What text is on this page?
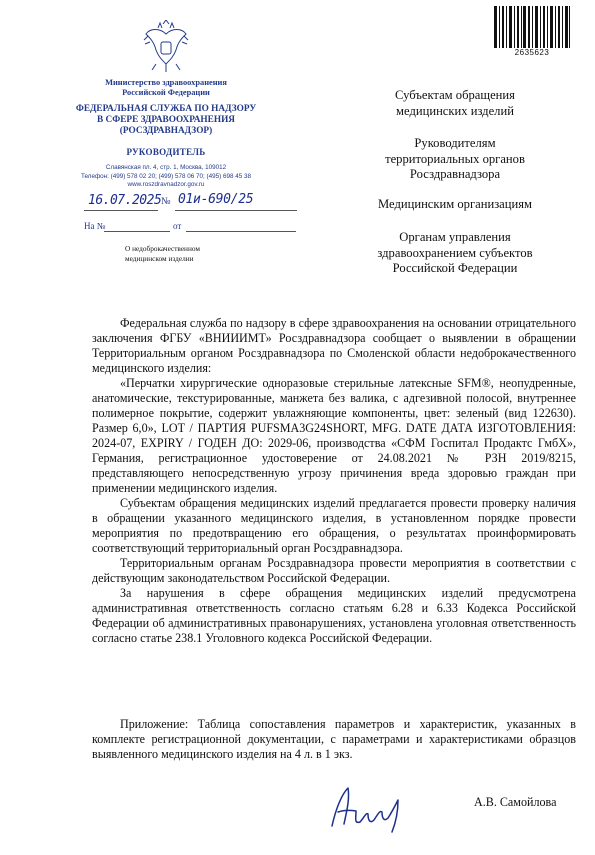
2635623
Министерство здравоохранения
Российской Федерации
ФЕДЕРАЛЬНАЯ СЛУЖБА ПО НАДЗОРУ
В СФЕРЕ ЗДРАВООХРАНЕНИЯ
(РОСЗДРАВНАДЗОР)
РУКОВОДИТЕЛЬ
Славянская пл. 4, стр. 1, Москва, 109012
Телефон: (499) 578 02 20; (499) 578 06 70; (495) 698 45 38
www.roszdravnadzor.gov.ru
16.07.2025 № 01и-690/25
На №	от
О недоброкачественном
медицинском изделии
Субъектам обращения
медицинских изделий
Руководителям
территориальных органов
Росздравнадзора
Медицинским организациям
Органам управления
здравоохранением субъектов
Российской Федерации

Федеральная служба по надзору в сфере здравоохранения на основании отрицательного заключения ФГБУ «ВНИИИМТ» Росздравнадзора сообщает о выявлении в обращении Территориальным органом Росздравнадзора по Смоленской области недоброкачественного медицинского изделия:

«Перчатки хирургические одноразовые стерильные латексные SFM®, неопудренные, анатомические, текстурированные, манжета без валика, с адгезивной полосой, внутреннее полимерное покрытие, содержит увлажняющие компоненты, цвет: зеленый (вид 122630). Размер 6,0», LOT / ПАРТИЯ PUFSMA3G24SHORT, MFG. DATE ДАТА ИЗГОТОВЛЕНИЯ: 2024-07, EXPIRY / ГОДЕН ДО: 2029-06, производства «СФМ Госпитал Продактс ГмбХ», Германия, регистрационное удостоверение от 24.08.2021 № РЗН 2019/8215, представляющего непосредственную угрозу причинения вреда здоровью граждан при применении медицинского изделия.

Субъектам обращения медицинских изделий предлагается провести проверку наличия в обращении указанного медицинского изделия, в установленном порядке провести мероприятия по предотвращению его обращения, о результатах проинформировать соответствующий территориальный орган Росздравнадзора.

Территориальным органам Росздравнадзора провести мероприятия в соответствии с действующим законодательством Российской Федерации.

За нарушения в сфере обращения медицинских изделий предусмотрена административная ответственность согласно статьям 6.28 и 6.33 Кодекса Российской Федерации об административных правонарушениях, установлена уголовная ответственность согласно статье 238.1 Уголовного кодекса Российской Федерации.

Приложение: Таблица сопоставления параметров и характеристик, указанных в комплекте регистрационной документации, с параметрами и характеристиками образцов выявленного медицинского изделия на 4 л. в 1 экз.

А.В. Самойлова
